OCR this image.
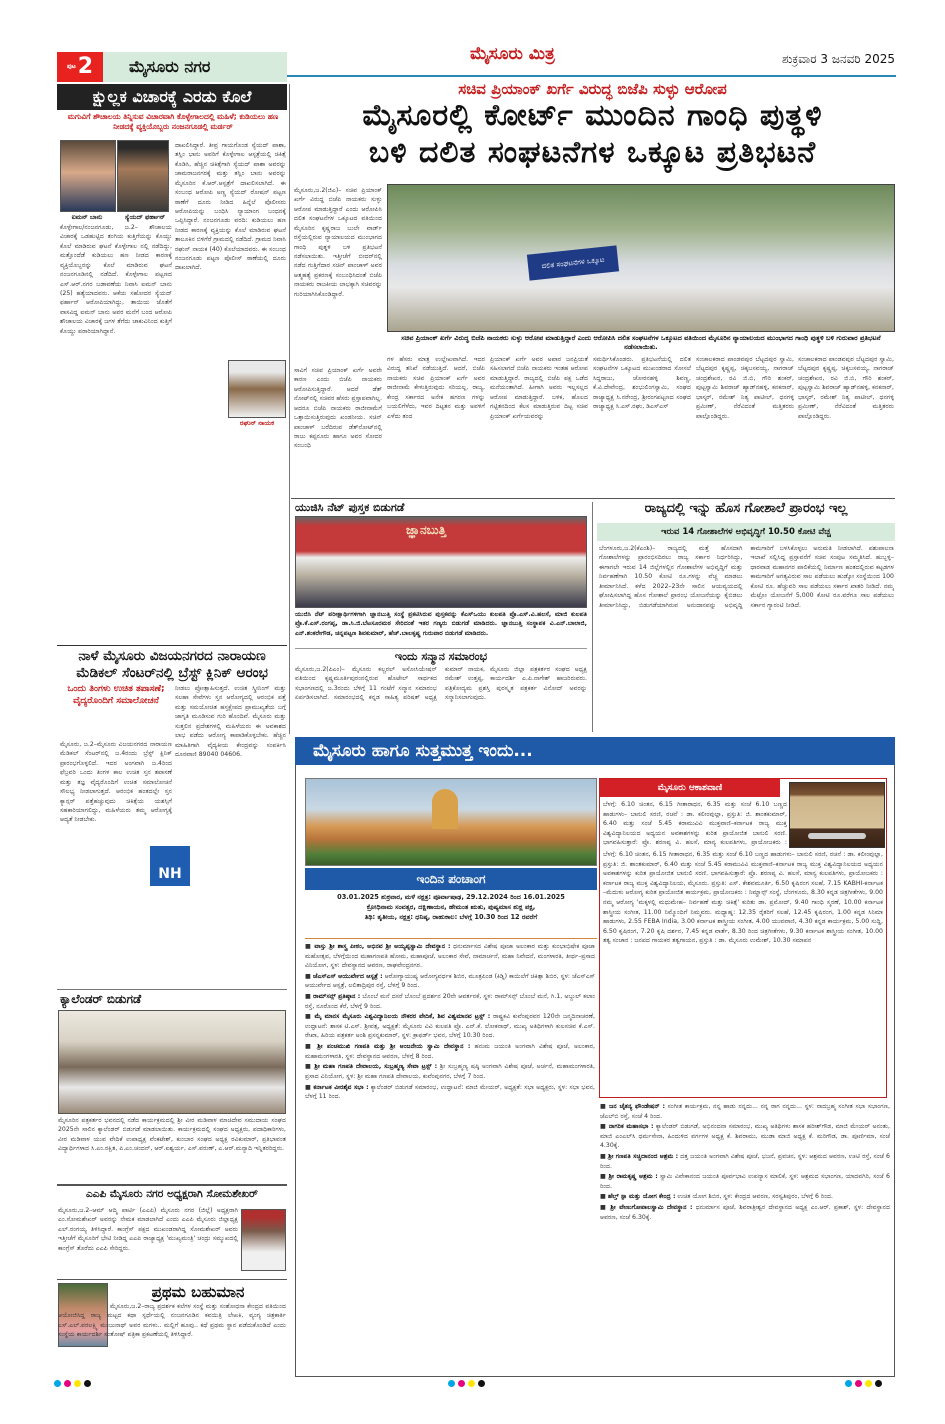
ಪುಟ 2	ಮೈಸೂರು ನಗರ
ಮೈಸೂರು ಮಿತ್ರ	ಶುಕ್ರವಾರ 3 ಜನವರಿ 2025
ಕ್ಷುಲ್ಲಕ ವಿಚಾರಕ್ಕೆ ಎರಡು ಕೊಲೆ
ಮಗುವಿಗೆ ಶೌಚಾಲಯ ತಿನ್ನಿಸುವ ವಿಚಾರವಾಗಿ ಕೊಳ್ಳೇಗಾಲದಲ್ಲಿ ಮಹಿಳೆ; ಕುಡಿಯಲು ಹಣ ನೀಡದಕ್ಕೆ ವ್ಯಕ್ತಿಯೊಬ್ಬರು ನಂಜನಗೂಡಲ್ಲಿ ಮರ್ಡರ್
ಐಮನ್ ಬಾನು	ಸ್ಯೆಯದ್ ಫರ್ಹಾನ್
ಕೊಳ್ಳೇಗಾಲ/ನಂಜನಗೂಡು, ಜ.2– ಶೌಚಾಲಯ ವಿಚಾರಕ್ಕೆ ಒಡಹುಟ್ಟಿದ ತಂಗಿಯ ಕುತ್ತಿಗೆಯನ್ನು ಕೊಯ್ದು ಕೊಲೆ ಮಾಡಿರುವ ಘಟನೆ ಕೊಳ್ಳೇಗಾಲ ನಲ್ಲಿ ನಡೆದಿದ್ದು, ಮತ್ತೊಂದೆಡೆ ಕುಡಿಯಲು ಹಣ ನೀಡದ ಕಾರಣಕ್ಕೆ ವ್ಯಕ್ತಿಯೊಬ್ಬರನ್ನು ಕೊಲೆ ಮಾಡಿರುವ ಘಟನೆ ನಂಜನಗೂಡಿನಲ್ಲಿ ನಡೆದಿದೆ. ಕೊಳ್ಳೇಗಾಲ ಪಟ್ಟಣದ ಎಸ್.ಆರ್.ನಗರ ಬಡಾವಣೆಯ ನಿವಾಸಿ ಐಮನ್ ಬಾನು (25) ಹತ್ಯೆಯಾದವರು. ಆಕೆಯ ಸಹೋದರ ಸ್ಯೆಯದ್ ಫರ್ಹಾನ್ ಆರೋಪಿಯಾಗಿದ್ದು, ತಾಯಿಯ ಜೊತೆಗೆ ವಾಸವಿದ್ದ ಐಮನ್ ಬಾನು ಅವರ ಮನೆಗೆ ಬಂದ ಆರೋಪಿ ಶೌಚಾಲಯ ವಿಚಾರಕ್ಕೆ ಜಗಳ ತೆಗೆದು ಚಾಕುವಿನಿಂದ ಕುತ್ತಿಗೆ ಕೊಯ್ದು ಪರಾರಿಯಾಗಿದ್ದಾನೆ.
ದಾಖಲಿಸಿದ್ದಾರೆ. ತೀವ್ರ ಗಾಯಗೊಂಡ ಸ್ಯೆಯದ್ ಪಾಶಾ, ತಸ್ಲಿಂ ಭಾನು ಅವರಿಗೆ ಕೊಳ್ಳೇಗಾಲ ಆಸ್ಪತ್ರೆಯಲ್ಲಿ ಚಿಕಿತ್ಸೆ ಕೊಡಿಸಿ, ಹೆಚ್ಚಿನ ಚಿಕಿತ್ಸೆಗಾಗಿ ಸ್ಯೆಯದ್ ಪಾಶಾ ಅವರನ್ನು ಚಾಮರಾಜನಗರಕ್ಕೆ ಮತ್ತು ತಸ್ಲಿಂ ಬಾನು ಅವರನ್ನು ಮೈಸೂರಿನ ಕೆ.ಆರ್.ಆಸ್ಪತ್ರೆಗೆ ದಾಖಲಿಸಲಾಗಿದೆ. ಈ ಸಂಬಂಧ ಆರೋಪಿ ಅಣ್ಣ ಸ್ಯೆಯದ್ ರೋಷನ್ ಪಟ್ಟಣ ಠಾಣೆಗೆ ದೂರು ನೀಡಿದ ಹಿನ್ನೆಲೆ ಪೊಲೀಸರು ಆರೋಪಿಯನ್ನು ಬಂಧಿಸಿ ನ್ಯಾಯಾಂಗ ಬಂಧನಕ್ಕೆ ಒಪ್ಪಿಸಿದ್ದಾರೆ. ನಂಜನಗೂಡು ವರದಿ: ಕುಡಿಯಲು ಹಣ ನೀಡದ ಕಾರಣಕ್ಕೆ ವ್ಯಕ್ತಿಯನ್ನು ಕೊಲೆ ಮಾಡಿರುವ ಘಟನೆ ತಾಲೂಕಿನ ಬಿಳಿಗೆರೆ ಗ್ರಾಮದಲ್ಲಿ ನಡೆದಿದೆ. ಗ್ರಾಮದ ನಿವಾಸಿ ರಘುನ್ ನಾಯಕ (40) ಕೊಲೆಯಾದವರು. ಈ ಸಂಬಂಧ ನಂಜನಗೂಡು ಪಟ್ಟಣ ಪೊಲೀಸ್ ಠಾಣೆಯಲ್ಲಿ ದೂರು ದಾಖಲಾಗಿದೆ.
ರಘುನ್ ನಾಯಕ
ನಾಳೆ ಮೈಸೂರು ವಿಜಯನಗರದ ನಾರಾಯಣ ಮೆಡಿಕಲ್ ಸೆಂಟರ್‌ನಲ್ಲಿ ಬ್ರೆಸ್ಟ್ ಕ್ಲಿನಿಕ್ ಆರಂಭ
ಒಂದು ತಿಂಗಳು ಉಚಿತ ತಪಾಸಣೆ; ವೈದ್ಯರೊಂದಿಗೆ ಸಮಾಲೋಚನೆ
ಮೈಸೂರು, ಜ.2–ಮೈಸೂರು ವಿಜಯನಗರದ ನಾರಾಯಣ ಮೆಡಿಕಲ್ ಸೆಂಟರ್‌ನಲ್ಲಿ ಜ.4ರಂದು ಬ್ರೆಸ್ಟ್ ಕ್ಲಿನಿಕ್ ಪ್ರಾರಂಭಗೊಳ್ಳಲಿದೆ. ಇದರ ಅಂಗವಾಗಿ ಜ.4ರಿಂದ ಫೆಬ್ರವರಿ ಒಂದು ತಿಂಗಳ ಕಾಲ ಉಚಿತ ಸ್ತನ ತಪಾಸಣೆ ಮತ್ತು ತಜ್ಞ ವೈದ್ಯರೊಂದಿಗೆ ಉಚಿತ ಸಮಾಲೋಚನೆ ಸೌಲಭ್ಯ ನೀಡಲಾಗುತ್ತದೆ. ಆರಂಭಿಕ ಹಂತದಲ್ಲೇ ಸ್ತನ ಕ್ಯಾನ್ಸರ್ ಪತ್ತೆಹಚ್ಚುವುದು ಚಿಕಿತ್ಸೆಯ ಯಶಸ್ಸಿಗೆ ಸಹಕಾರಿಯಾಗಲಿದ್ದು, ಮಹಿಳೆಯರು ತಮ್ಮ ಆರೋಗ್ಯಕ್ಕೆ ಆದ್ಯತೆ ನೀಡಬೇಕು.
ನೀಡಲು ಪ್ರೋತ್ಸಾಹಿಸುತ್ತದೆ. ಉಚಿತ ಸ್ಕ್ರೀನಿಂಗ್ ಮತ್ತು ಸಲಹಾ ಸೇವೆಗಳು ಸ್ತನ ಆರೋಗ್ಯದಲ್ಲಿ ಆರಂಭಿಕ ಪತ್ತೆ ಮತ್ತು ಸಮಯೋಚಿತ ಹಸ್ತಕ್ಷೇಪದ ಪ್ರಾಮುಖ್ಯತೆಯ ಬಗ್ಗೆ ಜಾಗೃತಿ ಮೂಡಿಸುವ ಗುರಿ ಹೊಂದಿವೆ. ಮೈಸೂರು ಮತ್ತು ಸುತ್ತಲಿನ ಪ್ರದೇಶಗಳಲ್ಲಿ ಮಹಿಳೆಯರು ಈ ಅವಕಾಶದ ಲಾಭ ಪಡೆದು ಆರೋಗ್ಯ ಕಾಪಾಡಿಕೊಳ್ಳಬೇಕು. ಹೆಚ್ಚಿನ ಮಾಹಿತಿಗಾಗಿ ವೈದ್ಯಕೀಯ ಕೇಂದ್ರವನ್ನು ಸಂಪರ್ಕಿಸಿ ದೂರವಾಣಿ 89040 04606.
NH
ಕ್ಯಾಲೆಂಡರ್ ಬಿಡುಗಡೆ
ಮೈಸೂರಿನ ಪತ್ರಕರ್ತರ ಭವನದಲ್ಲಿ ನಡೆದ ಕಾರ್ಯಕ್ರಮದಲ್ಲಿ ಶ್ರೀ ವೀರ ಮಡಿವಾಳ ಮಾಚಿದೇವ ಸಮುದಾಯ ಸಂಘದ 2025ನೇ ಸಾಲಿನ ಕ್ಯಾಲೆಂಡರ್ ಬಿಡುಗಡೆ ಮಾಡಲಾಯಿತು. ಕಾರ್ಯಕ್ರಮದಲ್ಲಿ ಸಂಘದ ಅಧ್ಯಕ್ಷರು, ಪದಾಧಿಕಾರಿಗಳು, ವೀರ ಮಡಿವಾಳ ಯುವ ವೇದಿಕೆ ಉಪಾಧ್ಯಕ್ಷ ವೆಂಕಟೇಶ್, ಕುಂಬಾರ ಸಂಘದ ಅಧ್ಯಕ್ಷ ರವಿಕುಮಾರ್, ಪ್ರತಿಭಾವಂತ ವಿದ್ಯಾರ್ಥಿಗಳಾದ ಸಿ.ಎಂ.ರಕ್ಷಿತ, ಪಿ.ಎಂ.ಚಂದನ್, ಆರ್.ಐಶ್ವರ್ಯ, ಎಸ್.ವರುಣ್, ಎ.ಆರ್.ಮನ್ಯಾದಿ ಇನ್ನಿತರರಿದ್ದರು.
ಎಎಪಿ ಮೈಸೂರು ನಗರ ಅಧ್ಯಕ್ಷರಾಗಿ ಸೋಮಶೇಖರ್
ಮೈಸೂರು,ಜ.2–ಆಮ್ ಆದ್ಮಿ ಪಾರ್ಟಿ (ಎಎಪಿ) ಮೈಸೂರು ನಗರ (ಜಿಲ್ಲೆ) ಅಧ್ಯಕ್ಷರಾಗಿ ಎಂ.ಸೋಮಶೇಖರ್ ಅವರನ್ನು ನೇಮಕ ಮಾಡಲಾಗಿದೆ ಎಂದು ಎಎಪಿ ಮೈಸೂರು ಜಿಲ್ಲಾಧ್ಯಕ್ಷ ಎಲ್.ರಂಗಯ್ಯ ತಿಳಿಸಿದ್ದಾರೆ. ಕಾಂಗ್ರೆಸ್ ಪಕ್ಷದ ಮುಖಂಡರಾಗಿದ್ದ ಸೋಮಶೇಖರ್ ಅವರು ಇತ್ತೀಚೆಗೆ ಮೈಸೂರಿಗೆ ಭೇಟಿ ನೀಡಿದ್ದ ಎಎಪಿ ರಾಜ್ಯಾಧ್ಯಕ್ಷ 'ಮುಖ್ಯಮಂತ್ರಿ' ಚಂದ್ರು ಸಮ್ಮುಖದಲ್ಲಿ ಕಾಂಗ್ರೆಸ್ ತೊರೆದು ಎಎಪಿ ಸೇರಿದ್ದರು.
ಪ್ರಥಮ ಬಹುಮಾನ
ಮೈಸೂರು,ಜ.2–ರಾಜ್ಯ ಪ್ರದರ್ಶಕ ಕಲೆಗಳ ಸಂಸ್ಥೆ ಮತ್ತು ಸಂಶೋಧನಾ ಕೇಂದ್ರದ ವತಿಯಿಂದ ಆಯೋಜಿಸಿದ್ದ ರಾಜ್ಯ ಮಟ್ಟದ ಕಥಾ ಸ್ಪರ್ಧೆಯಲ್ಲಿ ನಂಜನಗೂಡಿನ ಕವಯಿತ್ರಿ ಲೇಖಕಿ, ವ್ಯಂಗ್ಯ ಚಿತ್ರಕಾರ್ತಿ ಎಸ್.ಎಲ್.ವರಲಕ್ಷ್ಮಿ ಮಂಜುನಾಥ್ ಅವರ ಮಗಳು.. ಮಲ್ಲಿಗೆ ಹೂವು.. ಕಥೆ ಪ್ರಥಮ ಸ್ಥಾನ ಪಡೆದುಕೊಂಡಿದೆ ಎಂದು ಸಂಸ್ಥೆಯ ಕಾರ್ಯದರ್ಶಿ ಸಂತೋಷ್ ಪತ್ರಿಕಾ ಪ್ರಕಟಣೆಯಲ್ಲಿ ತಿಳಿಸಿದ್ದಾರೆ.
ಸಚಿವ ಪ್ರಿಯಾಂಕ್ ಖರ್ಗೆ ವಿರುದ್ಧ ಬಿಜೆಪಿ ಸುಳ್ಳು ಆರೋಪ
ಮೈಸೂರಲ್ಲಿ ಕೋರ್ಟ್ ಮುಂದಿನ ಗಾಂಧಿ ಪುತ್ಥಳಿ
ಬಳಿ ದಲಿತ ಸಂಘಟನೆಗಳ ಒಕ್ಕೂಟ ಪ್ರತಿಭಟನೆ
ಮೈಸೂರು,ಜ.2(ಜಿಎ)– ಸಚಿವ ಪ್ರಿಯಾಂಕ್ ಖರ್ಗೆ ವಿರುದ್ಧ ಬಿಜೆಪಿ ನಾಯಕರು ಸುಳ್ಳು ಆರೋಪ ಮಾಡುತ್ತಿದ್ದಾರೆ ಎಂದು ಆರೋಪಿಸಿ ದಲಿತ ಸಂಘಟನೆಗಳ ಒಕ್ಕೂಟದ ವತಿಯಿಂದ ಮೈಸೂರಿನ ಕೃಷ್ಣರಾಜ ಬುಲೇ ವಾರ್ಡ್ ರಸ್ತೆಯಲ್ಲಿರುವ ನ್ಯಾಯಾಲಯದ ಮುಂಭಾಗದ ಗಾಂಧಿ ಪುತ್ಥಳಿ ಬಳಿ ಪ್ರತಿಭಟನೆ ನಡೆಸಲಾಯಿತು. ಇತ್ತೀಚೆಗೆ ಬೀದರ್‌ನಲ್ಲಿ ನಡೆದ ಗುತ್ತಿಗೆದಾರ ಸಚಿನ್ ಪಾಂಚಾಳ್ ಅವರ ಆತ್ಮಹತ್ಯೆ ಪ್ರಕರಣಕ್ಕೆ ಸಂಬಂಧಿಸಿದಂತೆ ಬಿಜೆಪಿ ನಾಯಕರು ರಾಜಕೀಯ ಲಾಭಕ್ಕಾಗಿ ಸಚಿವರನ್ನು ಗುರಿಯಾಗಿಸಿಕೊಂಡಿದ್ದಾರೆ.
ದಲಿತ ಸಂಘಟನೆಗಳ ಒಕ್ಕೂಟ
ಸಚಿವ ಪ್ರಿಯಾಂಕ್ ಖರ್ಗೆ ವಿರುದ್ಧ ಬಿಜೆಪಿ ನಾಯಕರು ಸುಳ್ಳು ಆರೋಪ ಮಾಡುತ್ತಿದ್ದಾರೆ ಎಂದು ಆರೋಪಿಸಿ ದಲಿತ ಸಂಘಟನೆಗಳ ಒಕ್ಕೂಟದ ವತಿಯಿಂದ ಮೈಸೂರಿನ ನ್ಯಾಯಾಲಯದ ಮುಂಭಾಗದ ಗಾಂಧಿ ಪುತ್ಥಳಿ ಬಳಿ ಗುರುವಾರ ಪ್ರತಿಭಟನೆ ನಡೆಸಲಾಯಿತು.
ಸಾವಿಗೆ ಸಚಿವ ಪ್ರಿಯಾಂಕ್ ಖರ್ಗೆ ಅವರೇ ಕಾರಣ ಎಂದು ಬಿಜೆಪಿ ನಾಯಕರು ಆರೋಪಿಸುತ್ತಿದ್ದಾರೆ. ಆದರೆ ಡೆತ್ ನೋಟ್‌ನಲ್ಲಿ ಸಚಿವರ ಹೆಸರು ಪ್ರಸ್ತಾಪವಾಗಿಲ್ಲ. ಆದರೂ ಬಿಜೆಪಿ ನಾಯಕರು ರಾಜೀನಾಮೆಗೆ ಒತ್ತಾಯಿಸುತ್ತಿರುವುದು ಖಂಡನೀಯ. ಸಚಿನ್ ಪಾಂಚಾಳ್ ಬರೆದಿರುವ ಡೆತ್‌ನೋಟ್‌ನಲ್ಲಿ ರಾಜು ಕಪ್ಪನೂರು ಹಾಗೂ ಅವರ ಸೋದರ ಸಂಬಂಧಿ
ಗಳ ಹೆಸರು ಮಾತ್ರ ಉಲ್ಲೇಖವಾಗಿದೆ. ಇದರ ವಿರುದ್ಧ ತನಿಖೆ ನಡೆಯುತ್ತಿದೆ. ಆದರೆ, ಬಿಜೆಪಿ ನಾಯಕರು ಸಚಿವ ಪ್ರಿಯಾಂಕ್ ಖರ್ಗೆ ಅವರ ರಾಜೀನಾಮೆ ಕೇಳುತ್ತಿರುವುದು ಸರಿಯಲ್ಲ. ರಾಜ್ಯ, ಕೇಂದ್ರ ಸರ್ಕಾರದ ಅನೇಕ ಹಗರಣ ಗಳನ್ನು ಬಯಲಿಗೆಳೆದು, ಇವರ ದಿಟ್ಟತನ ಮತ್ತು ಅವಳಿಗೆ ಎಳೆದು ತಂದ
ಪ್ರಿಯಾಂಕ್ ಖರ್ಗೆ ಅವರ ಅಪಾರ ಜನಪ್ರಿಯತೆ ಸಹಿಸಲಾಗದೆ ಬಿಜೆಪಿ ನಾಯಕರು ಇಂತಹ ಆರೋಪ ಮಾಡುತ್ತಿದ್ದಾರೆ. ರಾಜ್ಯದಲ್ಲಿ ಬಿಜೆಪಿ ಪಕ್ಷ ಒಡೆದ ಮನೆಯಂತಾಗಿದೆ. ಹೀಗಾಗಿ ಅವರು ಇಲ್ಲಸಲ್ಲದ ಆರೋಪ ಮಾಡುತ್ತಿದ್ದಾರೆ. ಬಳಿಕ, ಹೊಲದ ಗಟ್ಟಿತನದಿಂದ ಕೆಲಸ ಮಾಡುತ್ತಿರುವ ದಿಟ್ಟ ಸಚಿವ ಪ್ರಿಯಾಂಕ್ ಖರ್ಗೆಯವರನ್ನು
ಸಮರ್ಥಿಸಿಕೊಂಡರು. ಪ್ರತಿಭಟನೆಯಲ್ಲಿ ದಲಿತ ಸಂಘಟನೆಗಳ ಒಕ್ಕೂಟದ ಮುಖಂಡರಾದ ಸೋಸಲೆ ಸಿದ್ದರಾಜು, ಚೋರನಹಳ್ಳಿ ಶಿವಣ್ಣ, ಕೆ.ವಿ.ದೇವೇಂದ್ರ, ಶಂಭುಲಿಂಗಸ್ವಾಮಿ, ಸಂಘದ ರಾಜ್ಯಾಧ್ಯಕ್ಷ ಸಿ.ನರೇಂದ್ರ, ಶ್ರೀರಂಗಪಟ್ಟಣದ ಸಂಘದ ರಾಜ್ಯಾಧ್ಯಕ್ಷ ಸಿ.ಎಸ್.ರಘು, ಡಿಎಸ್‌ಎಸ್
ಸಂಚಾಲಕರಾದ ಪಾಂಡವಪುರ ಬೆಟ್ಟದಪುರ ಸ್ವಾಮಿ, ಬೆಟ್ಟದಪುರ ಕೃಷ್ಣಪ್ಪ, ಚಿಕ್ಕಬಸವಯ್ಯ, ನಾಗರಾಜ್ ಚಂದ್ರಶೇಖರ, ರವಿ ಜಿ.ಬಿ, ಗೌರಿ ಶಂಕರ್, ಪುಟ್ಟಸ್ವಾಮಿ ಶಿವರಾಜ್ ಹ್ಯಾಡ್‌ನಹಳ್ಳಿ, ಕನಕನಾರ್, ಭಾಸ್ಕರ್, ರಮೇಶ್ ನಿತ್ಯ ಪಾಟೀಲ್, ಧನಗಳ್ಳಿ ಪ್ರಮೀಣ್, ನೆರೆವಿದಂತೆ ಮತ್ತಿತರರು ಪಾಲ್ಗೊಂಡಿದ್ದರು.
ಸಂಚಾಲಕರಾದ ಪಾಂಡವಪುರ ಬೆಟ್ಟದಪುರ ಸ್ವಾಮಿ, ಬೆಟ್ಟದಪುರ ಕೃಷ್ಣಪ್ಪ, ಚಿಕ್ಕಬಸವಯ್ಯ, ನಾಗರಾಜ್ ಚಂದ್ರಶೇಖರ, ರವಿ ಜಿ.ಬಿ, ಗೌರಿ ಶಂಕರ್, ಪುಟ್ಟಸ್ವಾಮಿ ಶಿವರಾಜ್ ಹ್ಯಾಡ್‌ನಹಳ್ಳಿ, ಕನಕನಾರ್, ಭಾಸ್ಕರ್, ರಮೇಶ್ ನಿತ್ಯ ಪಾಟೀಲ್, ಧನಗಳ್ಳಿ ಪ್ರಮೀಣ್, ನೆರೆವಿದಂತೆ ಮತ್ತಿತರರು ಪಾಲ್ಗೊಂಡಿದ್ದರು.
ಯುಜಿಸಿ ನೆಟ್ ಪುಸ್ತಕ ಬಿಡುಗಡೆ
ಜ್ಞಾನಬುತ್ತಿ
ಯುಜಿಸಿ ನೆಟ್ ಪರೀಕ್ಷಾರ್ಥಿಗಳಿಗಾಗಿ ಜ್ಞಾನಬುತ್ತಿ ಸಂಸ್ಥೆ ಪ್ರಕಟಿಸಿರುವ ಪುಸ್ತಕವನ್ನು ಕೆಎಸ್‌ಒಯು ಕುಲಪತಿ ಪ್ರೊ.ಎಸ್.ವಿ.ಹಲಸೆ, ಮಾಜಿ ಕುಲಪತಿ ಪ್ರೊ.ಕೆ.ಎಸ್.ರಂಗಪ್ಪ, ಡಾ.ಸಿ.ಜಿ.ಬೆಟಸೂರಮಠ ಸೇರಿದಂತೆ ಇತರ ಗಣ್ಯರು ಬಿಡುಗಡೆ ಮಾಡಿದರು. ಜ್ಞಾನಬುತ್ತಿ ಸಂಸ್ಥಾಪಕ ವಿ.ಎನ್.ಬಾಲಾಜಿ, ಎನ್.ಶಂಕರೇಗೌಡ, ಚನ್ನಪಟ್ಟಣ ಶಿವಕುಮಾರ್, ಹೆಚ್.ಬಾಲಕೃಷ್ಣ ಗುರುವಾರ ಬಿಡುಗಡೆ ಮಾಡಿದರು.
ಇಂದು ಸನ್ಮಾನ ಸಮಾರಂಭ
ಮೈಸೂರು,ಜ.2(ಪಿಎಂ)– ಮೈಸೂರು ಕಲ್ಚರಲ್ ಅಸೋಸಿಯೇಷನ್ ವತಿಯಿಂದ ಕೃಷ್ಣಮೂರ್ತಿಪುರಂನಲ್ಲಿರುವ ಹೊಟೇಲ್ ಸಾರ್ಥಕದ ಸಭಾಂಗಣದಲ್ಲಿ ಜ.3ರಂದು ಬೆಳಿಗ್ಗೆ 11 ಗಂಟೆಗೆ ಸನ್ಮಾನ ಸಮಾರಂಭ ಏರ್ಪಡಿಸಲಾಗಿದೆ. ಸಮಾರಂಭದಲ್ಲಿ ಕನ್ನಡ ಸಾಹಿತ್ಯ ಪರಿಷತ್ ಅಧ್ಯಕ್ಷ ಕುಮಾರ್ ನಾಯಕ, ಮೈಸೂರು ಜಿಲ್ಲಾ ಪತ್ರಕರ್ತರ ಸಂಘದ ಅಧ್ಯಕ್ಷ ರಮೇಶ್ ಉತ್ತಪ್ಪ, ಕಾರ್ಯದರ್ಶಿ ಎ.ಪಿ.ನಾಗೇಶ್ ಹಾಜರಿರುವರು. ಪತ್ರಿಕೋದ್ಯಮ ಪ್ರಶಸ್ತಿ ಪುರಸ್ಕೃತ ಪತ್ರಕರ್ತ ವಿನೋದ್ ಅವರನ್ನು ಸನ್ಮಾನಿಸಲಾಗುವುದು.
ರಾಜ್ಯದಲ್ಲಿ ಇನ್ನು ಹೊಸ ಗೋಶಾಲೆ ಪ್ರಾರಂಭ ಇಲ್ಲ
ಇರುವ 14 ಗೋಶಾಲೆಗಳ ಅಭಿವೃದ್ಧಿಗೆ 10.50 ಕೋಟಿ ವೆಚ್ಚ
ಬೆಂಗಳೂರು,ಜ.2(ಕೆಎಂಶಿ)– ರಾಜ್ಯದಲ್ಲಿ ಮತ್ತೆ ಹೊಸದಾಗಿ ಗೋಶಾಲೆಗಳನ್ನು ಪ್ರಾರಂಭಿಸದಿರಲು ರಾಜ್ಯ ಸರ್ಕಾರ ನಿರ್ಧರಿಸಿದ್ದು, ಈಗಾಗಲೇ ಇರುವ 14 ಜಿಲ್ಲೆಗಳಲ್ಲಿನ ಗೋಶಾಲೆಗಳ ಅಭಿವೃದ್ಧಿಗೆ ಮತ್ತು ನಿರ್ವಹಣೆಗಾಗಿ 10.50 ಕೋಟಿ ರೂ.ಗಳನ್ನು ವೆಚ್ಚ ಮಾಡಲು ತೀರ್ಮಾನಿಸಿದೆ. ಕಳೆದ 2022–23ನೇ ಸಾಲಿನ ಆಯವ್ಯಯದಲ್ಲಿ ಘೋಷಿಸಲಾಗಿದ್ದ ಹೊಸ ಗೋಶಾಲೆ ಪ್ರಾರಂಭ ಯೋಜನೆಯನ್ನು ಕೈಬಿಡಲು ತೀರ್ಮಾನಿಸಿದ್ದು, ಬಿಡುಗಡೆಯಾಗಿರುವ ಅನುದಾನವನ್ನು ಅಭಿವೃದ್ಧಿ ಕಾಮಗಾರಿಗೆ ಬಳಸಿಕೊಳ್ಳಲು ಅನುಮತಿ ನೀಡಲಾಗಿದೆ. ಪಶುಪಾಲನಾ ಇಲಾಖೆ ಸಲ್ಲಿಸಿದ್ದ ಪ್ರಸ್ತಾವನೆಗೆ ಸಚಿವ ಸಂಪುಟ ಸಮ್ಮತಿಸಿದೆ. ಹುಬ್ಬಳ್ಳಿ–ಧಾರವಾಡ ಮಹಾನಗರ ಪಾಲಿಕೆಯಲ್ಲಿ ನಿರ್ಮಾಣ ಹಂತದಲ್ಲಿರುವ ಕಟ್ಟಡಗಳ ಕಾಮಗಾರಿಗೆ ಅಗತ್ಯವಿರುವ ಸಾಲ ಪಡೆಯಲು ಹುಡ್ಕೋ ಸಂಸ್ಥೆಯಿಂದ 100 ಕೋಟಿ ರೂ. ಹೆಚ್ಚುವರಿ ಸಾಲ ಪಡೆಯಲು ಸರ್ಕಾರ ಖಾತರಿ ನೀಡಿದೆ. ನಮ್ಮ ಮೆಟ್ರೋ ಯೋಜನೆಗೆ 5,000 ಕೋಟಿ ರೂ.ವರೆಗೂ ಸಾಲ ಪಡೆಯಲು ಸರ್ಕಾರ ಗ್ಯಾರಂಟಿ ನೀಡಿದೆ.
ಮೈಸೂರು ಹಾಗೂ ಸುತ್ತಮುತ್ತ ಇಂದು...
ಇಂದಿನ ಪಂಚಾಂಗ
03.01.2025 ಶುಕ್ರವಾರ, ಮಳೆ ನಕ್ಷತ್ರ: ಪೂರ್ವಾಷಾಢ, 29.12.2024 ರಿಂದ 16.01.2025
ಕ್ರೋಧಿನಾಮ ಸಂವತ್ಸರ, ದಕ್ಷಿಣಾಯನ, ಹೇಮಂತ ಋತು, ಪುಷ್ಯಮಾಸ ಶುಕ್ಲ ಪಕ್ಷ,
ತಿಥಿ: ತೃತೀಯ, ನಕ್ಷತ್ರ: ಧನಿಷ್ಠ, ರಾಹುಕಾಲ: ಬೆಳಗ್ಗೆ 10.30 ರಿಂದ 12 ರವರೆಗೆ
ಮೈಸೂರು ಆಕಾಶವಾಣಿ
ಬೆಳಗ್ಗೆ: 6.10 ಚಿಂತನ, 6.15 ಗೀತಾರಾಧನ, 6.35 ಮತ್ತು ಸಂಜೆ 6.10 ಬಣ್ಣದ ಹಾಡುಗಳು– ಬಾನುಲಿ ಸರಣಿ, ರಚನೆ : ಡಾ. ಕಲೀಂವುಲ್ಲಾ, ಪ್ರಸ್ತುತಿ: ಜಿ. ಶಾಂತಕುಮಾರ್, 6.40 ಮತ್ತು ಸಂಜೆ 5.45 ಕರಾಮುವಿವಿ ಮುಕ್ತವಾಣಿ–ಕರ್ನಾಟಕ ರಾಜ್ಯ ಮುಕ್ತ ವಿಶ್ವವಿದ್ಯಾನಿಲಯದ ಅಧ್ಯಯನ ಅವಕಾಶಗಳನ್ನು ಕುರಿತ ಪ್ರಾಯೋಜಿತ ಬಾನುಲಿ ಸರಣಿ. ಭಾಗವಹಿಸುತ್ತಾರೆ: ಪ್ರೊ. ಶರಣಪ್ಪ ವಿ. ಹಲಸೆ, ಮಾನ್ಯ ಕುಲಪತಿಗಳು, ಪ್ರಾಯೋಜಕರು :
ಬೆಳಗ್ಗೆ: 6.10 ಚಿಂತನ, 6.15 ಗೀತಾರಾಧನ, 6.35 ಮತ್ತು ಸಂಜೆ 6.10 ಬಣ್ಣದ ಹಾಡುಗಳು– ಬಾನುಲಿ ಸರಣಿ, ರಚನೆ : ಡಾ. ಕಲೀಂವುಲ್ಲಾ, ಪ್ರಸ್ತುತಿ: ಜಿ. ಶಾಂತಕುಮಾರ್, 6.40 ಮತ್ತು ಸಂಜೆ 5.45 ಕರಾಮುವಿವಿ ಮುಕ್ತವಾಣಿ–ಕರ್ನಾಟಕ ರಾಜ್ಯ ಮುಕ್ತ ವಿಶ್ವವಿದ್ಯಾನಿಲಯದ ಅಧ್ಯಯನ ಅವಕಾಶಗಳನ್ನು ಕುರಿತ ಪ್ರಾಯೋಜಿತ ಬಾನುಲಿ ಸರಣಿ. ಭಾಗವಹಿಸುತ್ತಾರೆ: ಪ್ರೊ. ಶರಣಪ್ಪ ವಿ. ಹಲಸೆ, ಮಾನ್ಯ ಕುಲಪತಿಗಳು, ಪ್ರಾಯೋಜಕರು : ಕರ್ನಾಟಕ ರಾಜ್ಯ ಮುಕ್ತ ವಿಶ್ವವಿದ್ಯಾನಿಲಯ, ಮೈಸೂರು. ಪ್ರಸ್ತುತಿ: ಎಸ್. ಕೇಶವಮೂರ್ತಿ, 6.50 ಕೃಷಿರಂಗ ಸಲಹೆ, 7.15 KABHI-ಕರ್ನಾಟಕ –ಮೆದುಳು ಆರೋಗ್ಯ ಕುರಿತ ಪ್ರಾಯೋಜಿತ ಕಾರ್ಯಕ್ರಮ, ಪ್ರಾಯೋಜಕರು : ನಿಮ್ಹಾನ್ಸ್ ಸಂಸ್ಥೆ, ಬೆಂಗಳೂರು, 8.30 ಕನ್ನಡ ಚಿತ್ರಗೀತೆಗಳು, 9.00 ನಮ್ಮ ಆರೋಗ್ಯ 'ಮಕ್ಕಳಲ್ಲಿ ಮಧುಮೇಹ– ನಿರ್ವಹಣೆ ಮತ್ತು ಚಿಕಿತ್ಸೆ' ಕುರಿತು ಡಾ. ಪ್ರಮೋದ್, 9.40 ಗಾಂಧಿ ಸ್ಮರಣೆ, 10.00 ಕರ್ನಾಟಕ ಶಾಸ್ತ್ರೀಯ ಸಂಗೀತ, 11.00 ನಿಮ್ಮೊಂದಿಗೆ ನಿಮ್ಮವರು. ಮಧ್ಯಾಹ್ನ: 12.35 ರೈತರಿಗೆ ಸಲಹೆ, 12.45 ಕೃಷಿರಂಗ, 1.00 ಕನ್ನಡ ಸಿನಿಮಾ ಹಾಡುಗಳು, 2.55 FEBA India, 3.00 ಕರ್ನಾಟಕ ಶಾಸ್ತ್ರೀಯ ಸಂಗೀತ, 4.00 ಯುವವಾಣಿ, 4.30 ಕನ್ನಡ ಕಾರ್ಯಕ್ರಮ, 5.00 ಸುದ್ದಿ, 6.50 ಕೃಷಿರಂಗ, 7.20 ಕೃಷಿ ದರ್ಶನ, 7.45 ಕನ್ನಡ ವಾರ್ತೆ, 8.30 ರಿಂದ ಚಿತ್ರಗೀತೆಗಳು, 9.30 ಕರ್ನಾಟಕ ಶಾಸ್ತ್ರೀಯ ಸಂಗೀತ, 10.00 ತತ್ವ ಸಂಚಾರ : ಜನಪದ ಗಾಯಕರ ತತ್ವಗಾಯನ, ಪ್ರಸ್ತುತಿ : ಡಾ. ಮೈಸೂರು ಉಮೇಶ್, 10.30 ಸಮಾಪನ

■ ವಾಸ್ತು ಶ್ರೀ ಶಾಸ್ತ್ರ ಪೀಠಂ, ಅಭಿನವ ಶ್ರೀ ಅಯ್ಯಪ್ಪಸ್ವಾಮಿ ದೇವಸ್ಥಾನ : ಧನುರ್ಮಾಸದ ವಿಶೇಷ ಪೂಜಾ ಅಲಂಕಾರ ಮತ್ತು ಕುಂಭಾಭಿಷೇಕ ಪೂಜಾ ಮಹೋತ್ಸವ, ಬೆಳಗ್ಗೆಯಿಂದ ಮಹಾಗಣಪತಿ ಹೋಮ, ಮಹಾಪೂಜೆ, ಅಲಂಕಾರ ಸೇವೆ, ನಾಮಾರ್ಚನೆ, ಮಹಾ ನಿವೇದನೆ, ಮಂಗಳಾರತಿ, ತೀರ್ಥ–ಪ್ರಸಾದ ವಿನಿಯೋಗ, ಸ್ಥಳ: ದೇವಸ್ಥಾನದ ಆವರಣ, ರಾಘವೇಂದ್ರನಗರ.

■ ಜೆಎಸ್ಎಸ್ ಆಯುರ್ವೇದ ಆಸ್ಪತ್ರೆ : ಆರೋಗ್ಯಾಯುಷ್ಯ ಆರೋಗ್ಯವರ್ಧಕ ಶಿಬಿರ, ಮೂತ್ರಪಿಂಡ (ಕಿಡ್ನಿ) ಕಾಯಿಲೆಗೆ ಚಿಕಿತ್ಸಾ ಶಿಬಿರ, ಸ್ಥಳ: ಜೆಎಸ್ಎಸ್ ಆಯುರ್ವೇದ ಆಸ್ಪತ್ರೆ, ಲಲಿತಾದ್ರಿಪುರ ರಸ್ತೆ, ಬೆಳಗ್ಗೆ 9 ರಿಂದ.

■ ರಾಮ್‌ಸನ್ಸ್ ಪ್ರತಿಷ್ಠಾನ : ಬೊಂಬೆ ಮನೆ ದಸರೆ ಬೊಂಬೆ ಪ್ರದರ್ಶನ 20ನೇ ಆವರ್ತನಕೆ, ಸ್ಥಳ: ರಾಮ್‌ಸನ್ಸ್ ಬೊಂಬೆ ಮನೆ, ಗಿ.1, ಅಬ್ದುಲ್ ಕಲಾಂ ರಸ್ತೆ, ನೂರೊಂದ ಕೆರೆ, ಬೆಳಗ್ಗೆ 9 ರಿಂದ.

■ ಮೈ ಮಾನಸ ಮೈಸೂರು ವಿಶ್ವವಿದ್ಯಾನಿಲಯ ನೌಕರರ ವೇದಿಕೆ, ಶಿವ ವಿಶ್ವಮಾನವ ಟ್ರಸ್ಟ್ : ರಾಷ್ಟ್ರಕವಿ ಕುವೆಂಪುರವರ 120ನೇ ಜನ್ಮದಿನಾಚರಣೆ, ಉದ್ಘಾಟನೆ: ಶಾಸಕ ಟಿ.ಎಸ್. ಶ್ರೀವತ್ಸ, ಅಧ್ಯಕ್ಷತೆ: ಮೈಸೂರು ವಿವಿ ಕುಲಪತಿ ಪ್ರೊ. ಎನ್.ಕೆ. ಲೋಕನಾಥ್, ಮುಖ್ಯ ಅತಿಥಿಗಳಾಗಿ ಕುಲಸಚಿವ ಕೆ.ಎಸ್. ರೇಖಾ, ಹಿರಿಯ ಪತ್ರಕರ್ತ ಅಂಶಿ ಪ್ರಸನ್ನಕುಮಾರ್, ಸ್ಥಳ: ಕ್ರಾಫರ್ಡ್ ಭವನ, ಬೆಳಗ್ಗೆ 10.30 ರಿಂದ.

■ ಶ್ರೀ ಪಂಚಮುಖಿ ಗಣಪತಿ ಮತ್ತು ಶ್ರೀ ಆಂಜನೇಯ ಸ್ವಾಮಿ ದೇವಸ್ಥಾನ : ಹನುಮ ಜಯಂತಿ ಅಂಗವಾಗಿ ವಿಶೇಷ ಪೂಜೆ, ಅಲಂಕಾರ, ಮಹಾಮಂಗಳಾರತಿ, ಸ್ಥಳ: ದೇವಸ್ಥಾನದ ಆವರಣ, ಬೆಳಗ್ಗೆ 8 ರಿಂದ.

■ ಶ್ರೀ ಮಹಾ ಗಣಪತಿ ದೇವಾಲಯ, ಸುಬ್ರಹ್ಮಣ್ಯ ಸೇವಾ ಟ್ರಸ್ಟ್ : ಶ್ರೀ ಸುಬ್ರಹ್ಮಣ್ಯ ಷಷ್ಠಿ ಅಂಗವಾಗಿ ವಿಶೇಷ ಪೂಜೆ, ಅರ್ಚನೆ, ಮಹಾಮಂಗಳಾರತಿ, ಪ್ರಸಾದ ವಿನಿಯೋಗ, ಸ್ಥಳ: ಶ್ರೀ ಮಹಾ ಗಣಪತಿ ದೇವಾಲಯ, ಕುವೆಂಪುನಗರ, ಬೆಳಗ್ಗೆ 7 ರಿಂದ.

■ ಕರ್ನಾಟಕ ವೀರಶೈವ ಸಭಾ : ಕ್ಯಾಲೆಂಡರ್ ಬಿಡುಗಡೆ ಸಮಾರಂಭ, ಉದ್ಘಾಟನೆ: ಮಾಜಿ ಮೇಯರ್, ಅಧ್ಯಕ್ಷತೆ: ಸಭಾ ಅಧ್ಯಕ್ಷರು, ಸ್ಥಳ: ಸಭಾ ಭವನ, ಬೆಳಗ್ಗೆ 11 ರಿಂದ.

■ ಜನ ಚೈತನ್ಯ ಫೌಂಡೇಷನ್ : ಸಂಗೀತ ಕಾರ್ಯಕ್ರಮ, ನನ್ನ ಹಾಡು ನನ್ನದು... ನನ್ನ ರಾಗ ನನ್ನದು... ಸ್ಥಳ: ನಾದಬ್ರಹ್ಮ ಸಂಗೀತ ಸಭಾ ಸಭಾಂಗಣ, ಜೆಎಲ್‌ಬಿ ರಸ್ತೆ, ಸಂಜೆ 4 ರಿಂದ.

■ ನಾಗರಿಕ ಮಹಾಸಭಾ : ಕ್ಯಾಲೆಂಡರ್ ಬಿಡುಗಡೆ, ಅಭಿನಂದನಾ ಸಮಾರಂಭ, ಮುಖ್ಯ ಅತಿಥಿಗಳು ಶಾಸಕ ಹರೀಶ್‌ಗೌಡ, ಮಾಜಿ ಮೇಯರ್ ಅನಂತು, ಮಾಜಿ ಎಂಎಲ್‌ಸಿ ಧರ್ಮಸೇನಾ, ಹಿಂದುಳಿದ ವರ್ಗಗಳ ಅಧ್ಯಕ್ಷ ಕೆ. ಶಿವರಾಮು, ಮುಡಾ ಮಾಜಿ ಅಧ್ಯಕ್ಷ ಕೆ. ಮರಿಗೌಡ, ಡಾ. ಪೂರ್ಣಿಮಾ, ಸಂಜೆ 4.30ಕ್ಕೆ.

■ ಶ್ರೀ ಗಣಪತಿ ಸಚ್ಚಿದಾನಂದ ಆಶ್ರಮ : ದತ್ತ ಜಯಂತಿ ಅಂಗವಾಗಿ ವಿಶೇಷ ಪೂಜೆ, ಭಜನೆ, ಪ್ರವಚನ, ಸ್ಥಳ: ಆಶ್ರಮದ ಆವರಣ, ಊಟಿ ರಸ್ತೆ, ಸಂಜೆ 6 ರಿಂದ.

■ ಶ್ರೀ ರಾಮಕೃಷ್ಣ ಆಶ್ರಮ : ಸ್ವಾಮಿ ವಿವೇಕಾನಂದ ಜಯಂತಿ ಪೂರ್ವಭಾವಿ ಉಪನ್ಯಾಸ ಮಾಲಿಕೆ, ಸ್ಥಳ: ಆಶ್ರಮದ ಸಭಾಂಗಣ, ಯಾದವಗಿರಿ, ಸಂಜೆ 6 ರಿಂದ.

■ ಹೆಲ್ತ್ ಸ್ಪಾ ಮತ್ತು ಯೋಗ ಕೇಂದ್ರ : ಉಚಿತ ಯೋಗ ಶಿಬಿರ, ಸ್ಥಳ: ಕೇಂದ್ರದ ಆವರಣ, ಸರಸ್ವತಿಪುರಂ, ಬೆಳಗ್ಗೆ 6 ರಿಂದ.

■ ಶ್ರೀ ವೇಣುಗೋಪಾಲಸ್ವಾಮಿ ದೇವಸ್ಥಾನ : ಧನುರ್ಮಾಸ ಪೂಜೆ, ಶಿವರಾತ್ರೀಶ್ವರ ದೇವಸ್ಥಾನದ ಅಧ್ಯಕ್ಷ ಎಂ.ಆರ್. ಪ್ರಕಾಶ್, ಸ್ಥಳ: ದೇವಸ್ಥಾನದ ಆವರಣ, ಸಂಜೆ 6.30ಕ್ಕೆ.
